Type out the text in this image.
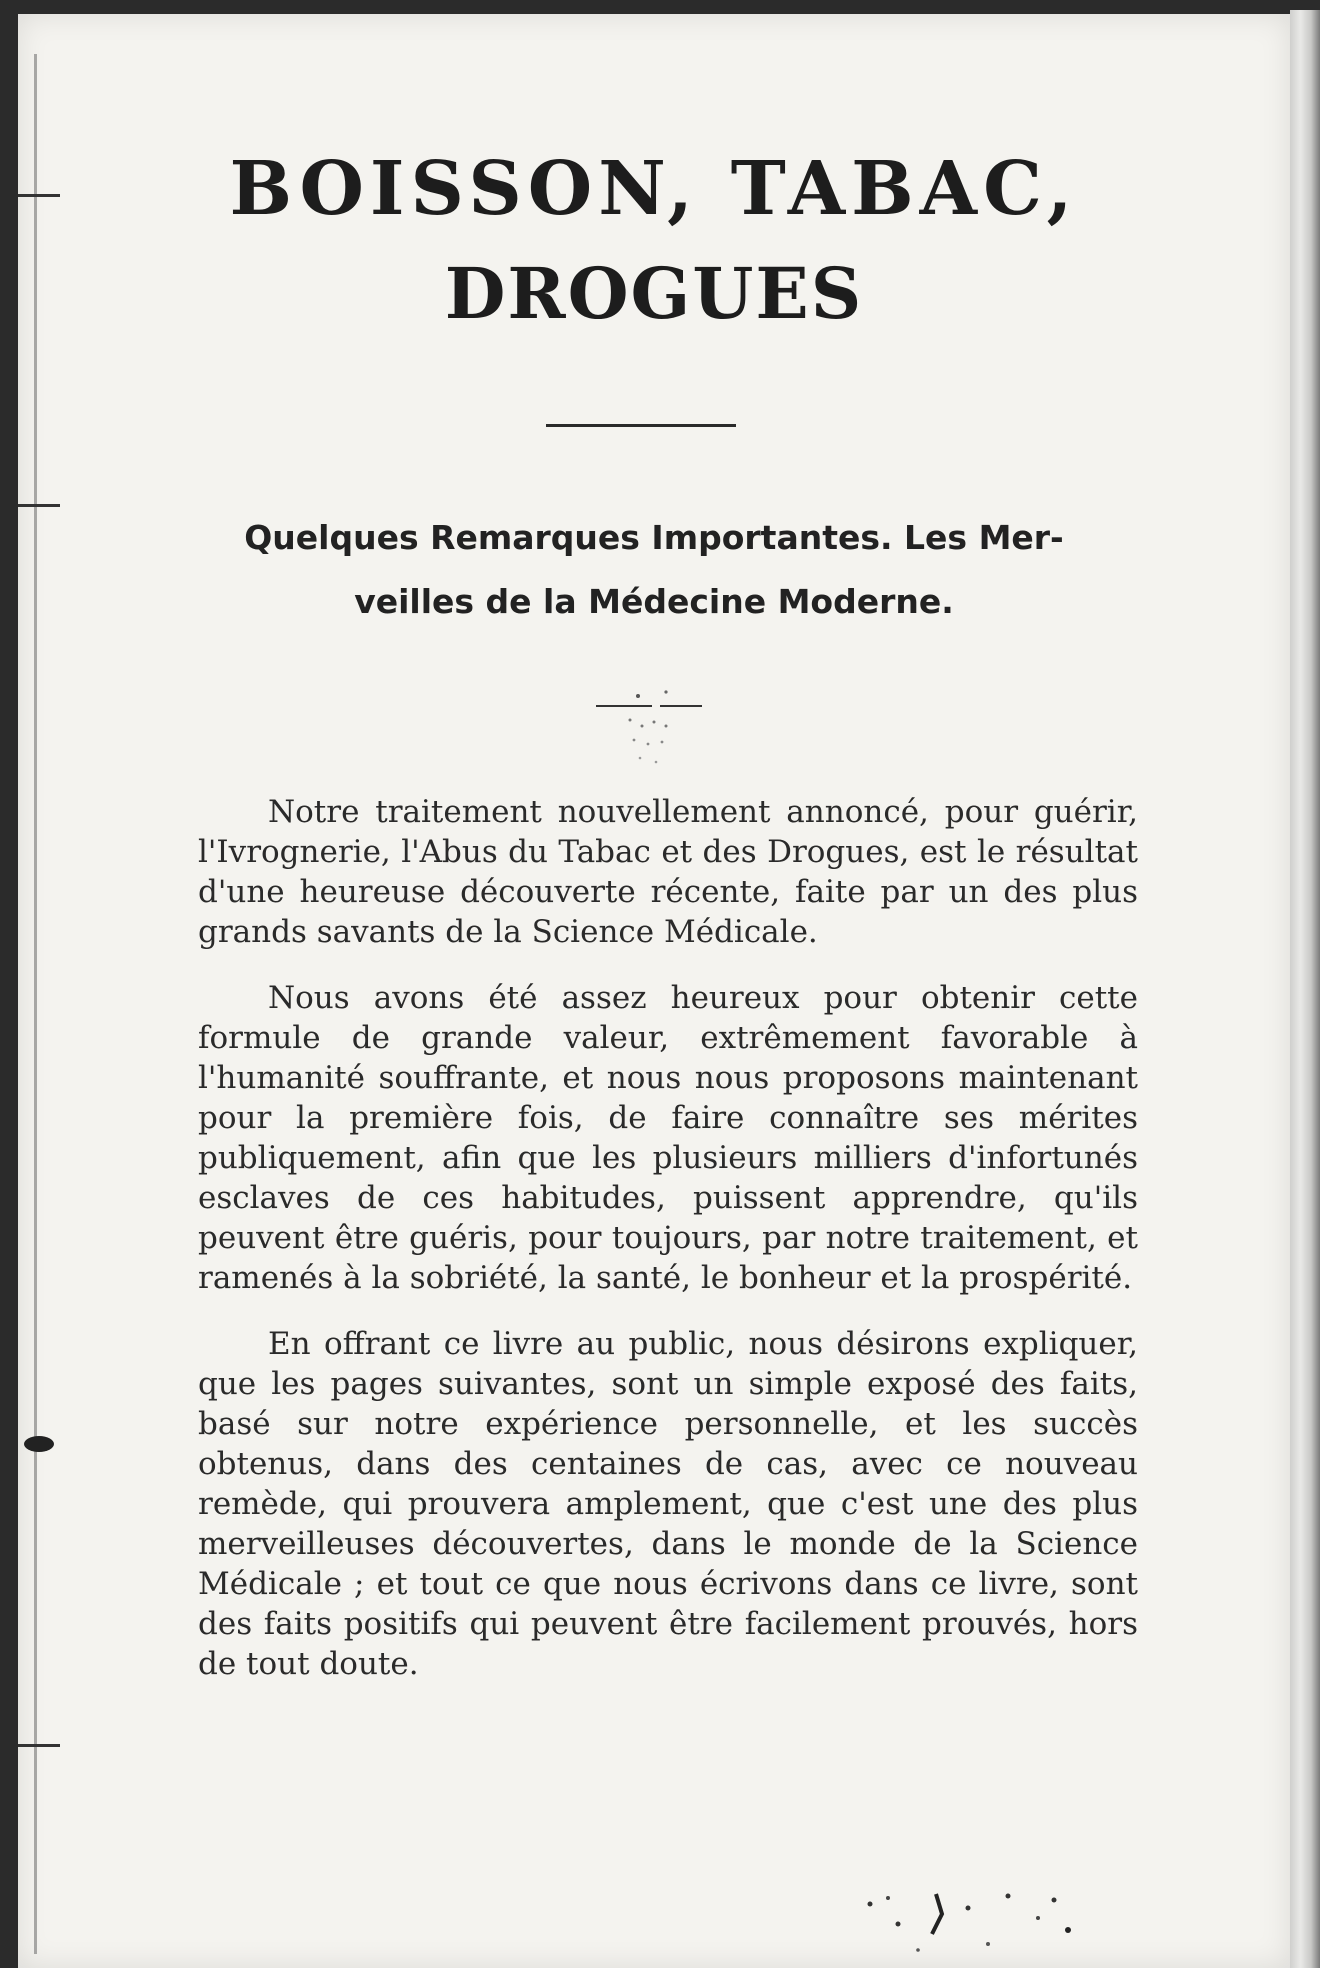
BOISSON, TABAC,
DROGUES
Quelques Remarques Importantes. Les Mer-
veilles de la Médecine Moderne.

Notre traitement nouvellement annoncé, pour guérir, l'Ivrognerie, l'Abus du Tabac et des Drogues, est le résultat d'une heureuse découverte récente, faite par un des plus grands savants de la Science Médicale.

Nous avons été assez heureux pour obtenir cette formule de grande valeur, extrêmement favorable à l'humanité souffrante, et nous nous proposons maintenant pour la première fois, de faire connaître ses mérites publiquement, afin que les plusieurs milliers d'infortunés esclaves de ces habitudes, puissent apprendre, qu'ils peuvent être guéris, pour toujours, par notre traitement, et ramenés à la sobriété, la santé, le bonheur et la prospérité.

En offrant ce livre au public, nous désirons expliquer, que les pages suivantes, sont un simple exposé des faits, basé sur notre expérience personnelle, et les succès obtenus, dans des centaines de cas, avec ce nouveau remède, qui prouvera amplement, que c'est une des plus merveilleuses découvertes, dans le monde de la Science Médicale ; et tout ce que nous écrivons dans ce livre, sont des faits positifs qui peuvent être facilement prouvés, hors de tout doute.
